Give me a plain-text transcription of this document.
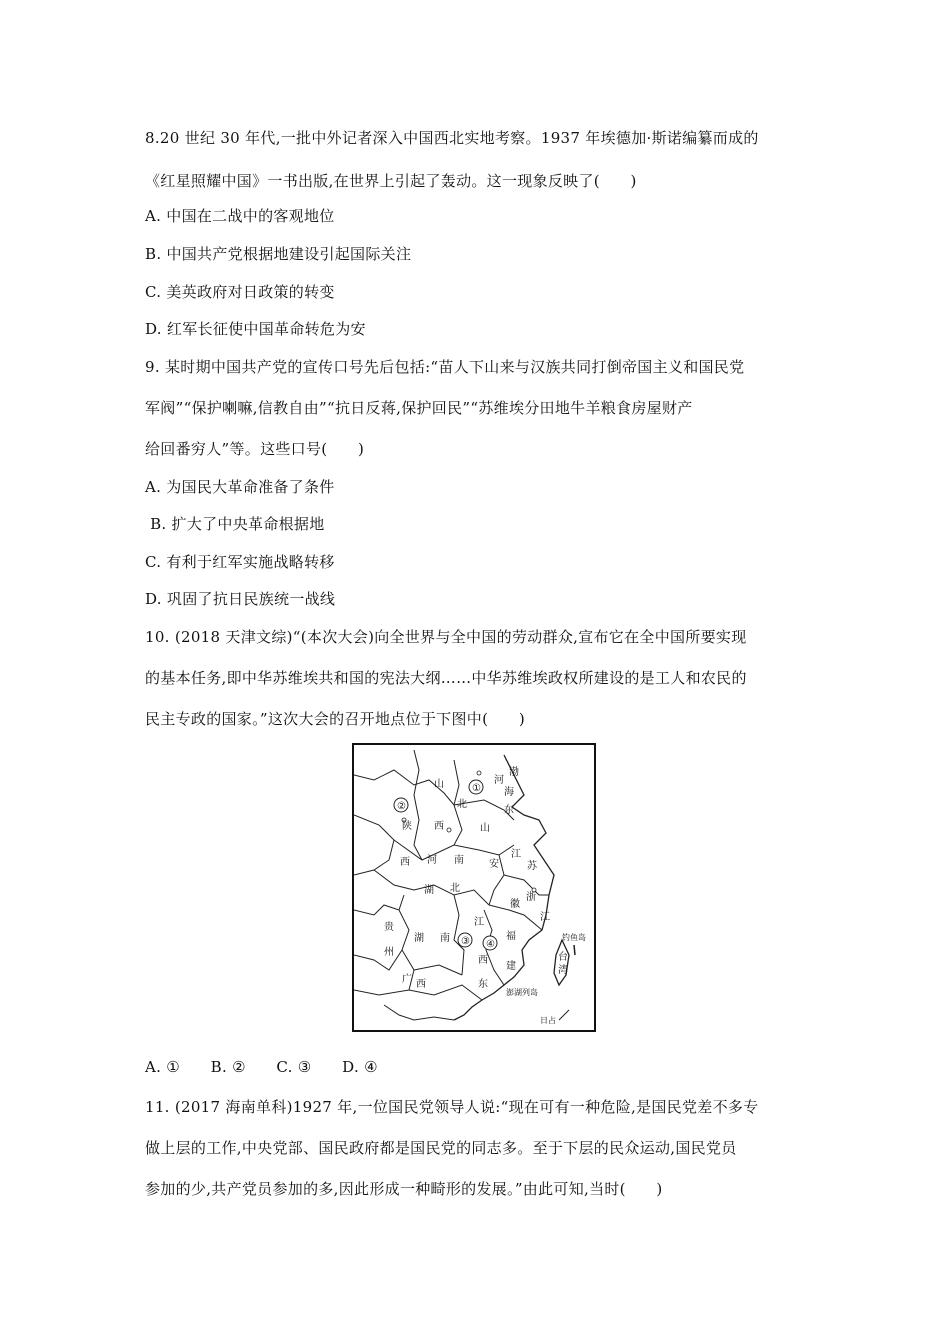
8.20 世纪 30 年代,一批中外记者深入中国西北实地考察。1937 年埃德加·斯诺编纂而成的
《红星照耀中国》一书出版,在世界上引起了轰动。这一现象反映了(　　)
A. 中国在二战中的客观地位
B. 中国共产党根据地建设引起国际关注
C. 美英政府对日政策的转变
D. 红军长征使中国革命转危为安
9. 某时期中国共产党的宣传口号先后包括:“苗人下山来与汉族共同打倒帝国主义和国民党
军阀”“保护喇嘛,信教自由”“抗日反蒋,保护回民”“苏维埃分田地牛羊粮食房屋财产
给回番穷人”等。这些口号(　　)
A. 为国民大革命准备了条件
B. 扩大了中央革命根据地
C. 有利于红军实施战略转移
D. 巩固了抗日民族统一战线
10. (2018 天津文综)“(本次大会)向全世界与全中国的劳动群众,宣布它在全中国所要实现
的基本任务,即中华苏维埃共和国的宪法大纲……中华苏维埃政权所建设的是工人和农民的
民主专政的国家。”这次大会的召开地点位于下图中(　　)
①
②
③ ④
渤
河
海
山
北
山
东
陕 西
西 河 南	安
江
苏
湖 北
徽
浙
江
贵
州
湖 南
江
福
西
建
广	东
西
台
湾
钓鱼岛
澎湖列岛
日占
A. ①　　B. ②　　C. ③　　D. ④
11. (2017 海南单科)1927 年,一位国民党领导人说:“现在可有一种危险,是国民党差不多专
做上层的工作,中央党部、国民政府都是国民党的同志多。至于下层的民众运动,国民党员
参加的少,共产党员参加的多,因此形成一种畸形的发展。”由此可知,当时(　　)
